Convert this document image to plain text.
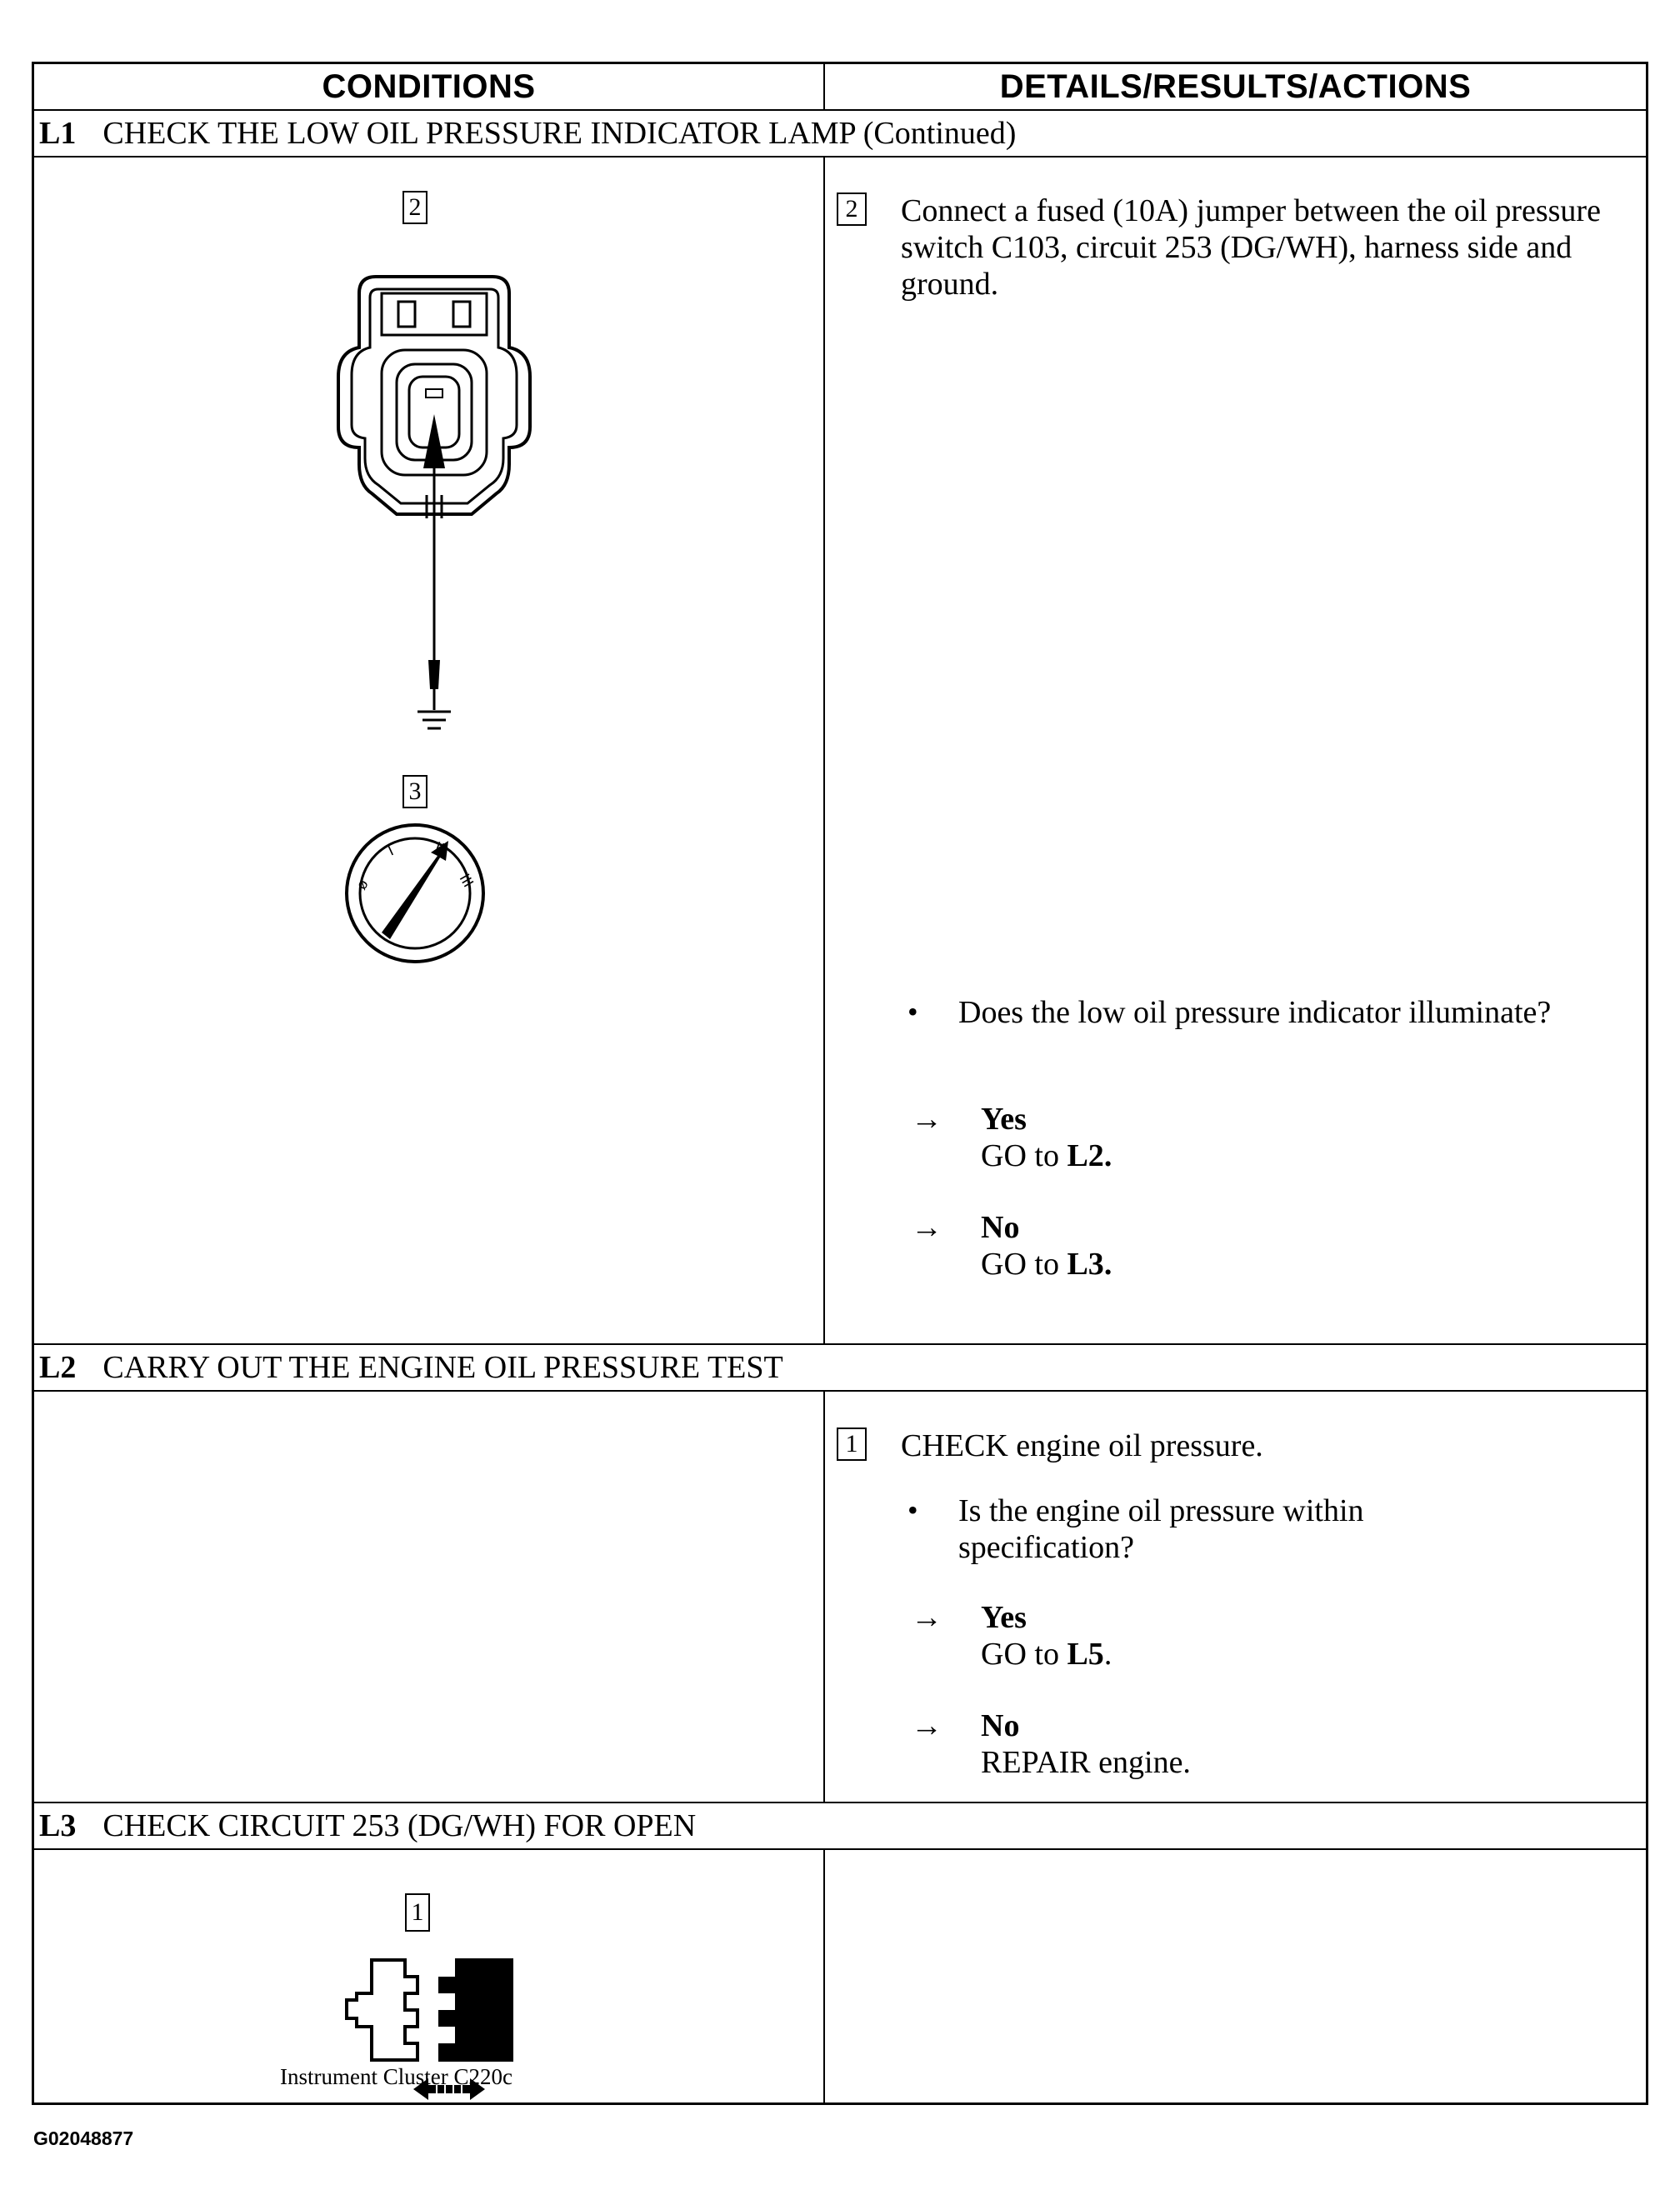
CONDITIONS	DETAILS/RESULTS/ACTIONS
L1 CHECK THE LOW OIL PRESSURE INDICATOR LAMP (Continued)
2
3
ø
I II
III
2 Connect a fused (10A) jumper between the oil pressure switch C103, circuit 253 (DG/WH), harness side and ground.
• Does the low oil pressure indicator illuminate?
→ Yes
GO to L2.
→ No
GO to L3.
L2 CARRY OUT THE ENGINE OIL PRESSURE TEST
1 CHECK engine oil pressure.
• Is the engine oil pressure within specification?
→ Yes
GO to L5.
→ No
REPAIR engine.
L3 CHECK CIRCUIT 253 (DG/WH) FOR OPEN
1
Instrument Cluster C220c
G02048877
